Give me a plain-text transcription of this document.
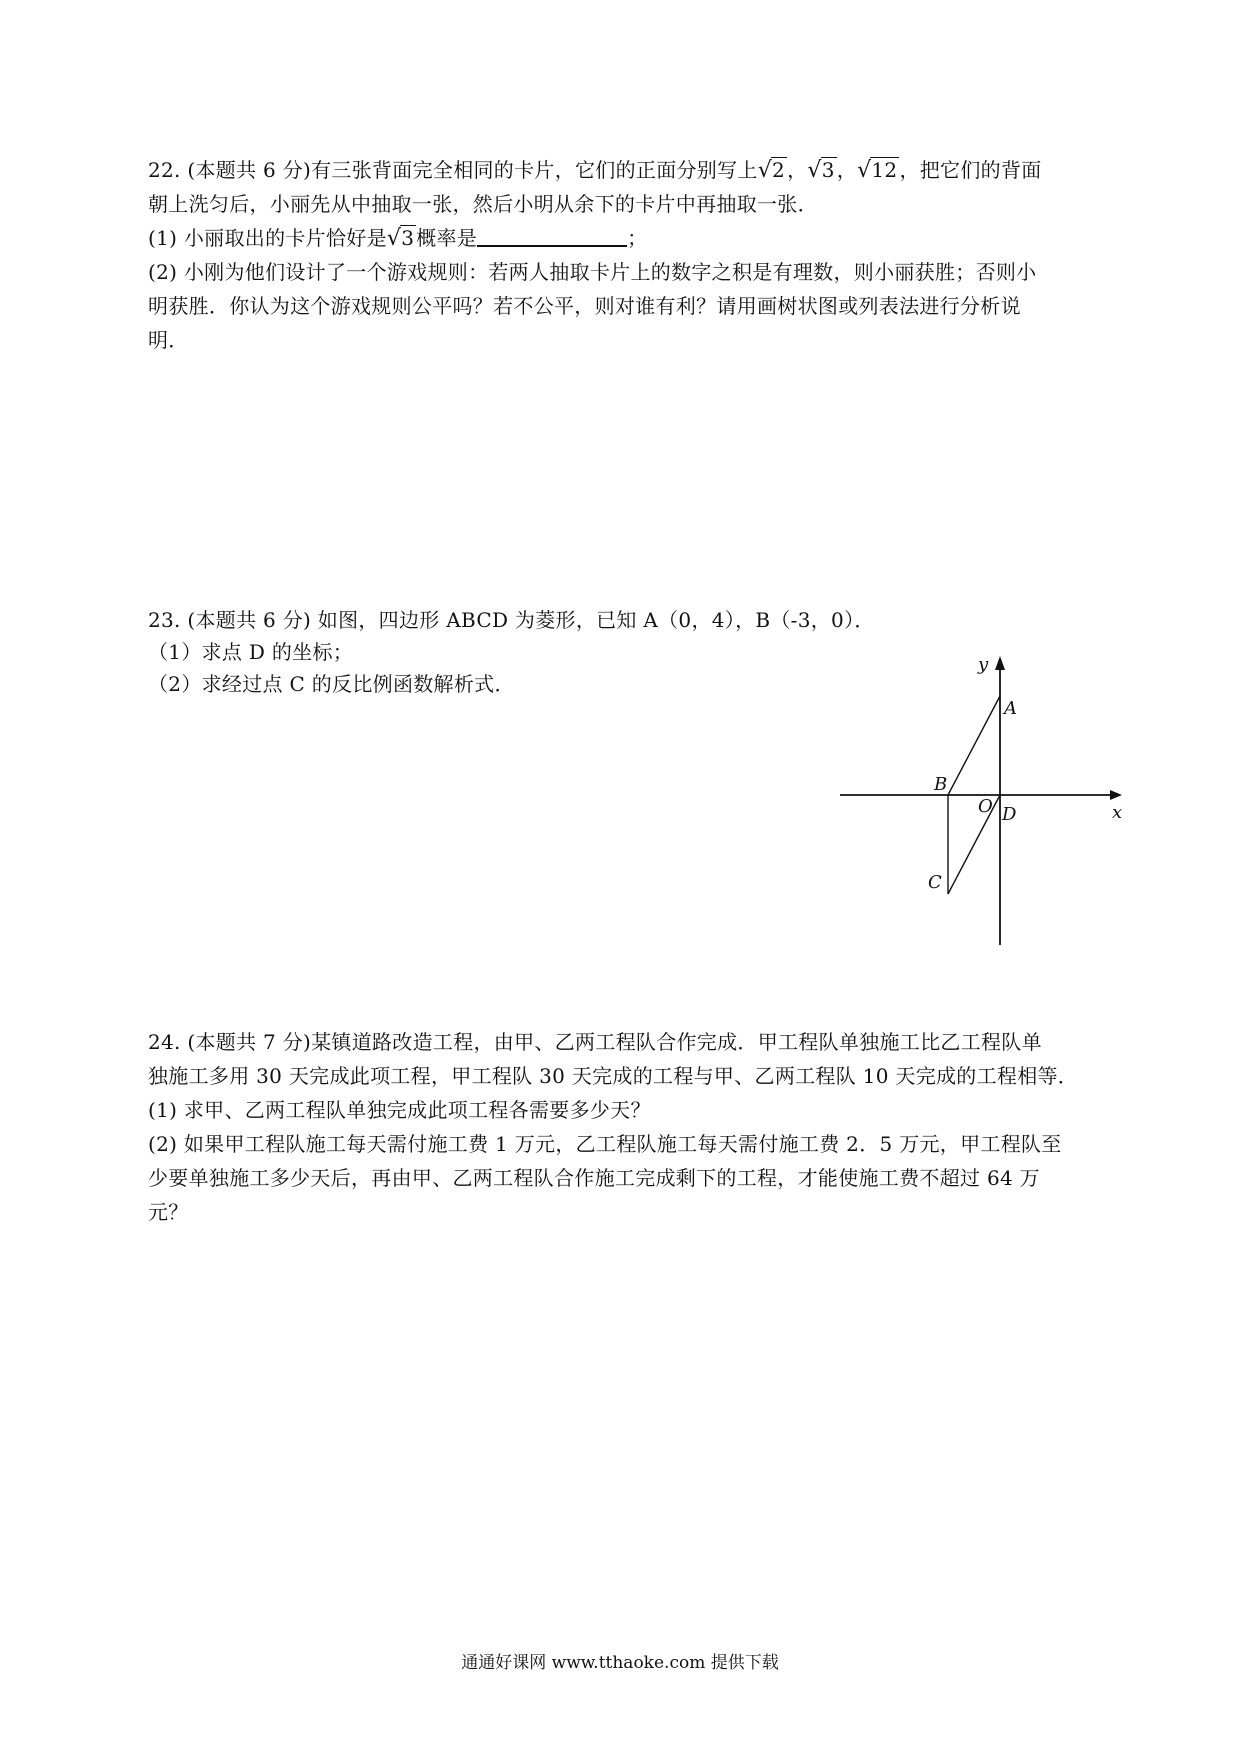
22. (本题共 6 分)有三张背面完全相同的卡片，它们的正面分别写上√2 ，√3 ，√12 ，把它们的背面
朝上洗匀后，小丽先从中抽取一张，然后小明从余下的卡片中再抽取一张．
(1) 小丽取出的卡片恰好是√3 概率是	；
(2) 小刚为他们设计了一个游戏规则：若两人抽取卡片上的数字之积是有理数，则小丽获胜；否则小
明获胜．你认为这个游戏规则公平吗？若不公平，则对谁有利？请用画树状图或列表法进行分析说
明．
23. (本题共 6 分) 如图，四边形 ABCD 为菱形，已知 A（0，4），B（-3，0）．
（1）求点 D 的坐标；
（2）求经过点 C 的反比例函数解析式．
y
x
A
B
O D
C
24. (本题共 7 分)某镇道路改造工程，由甲、乙两工程队合作完成．甲工程队单独施工比乙工程队单
独施工多用 30 天完成此项工程，甲工程队 30 天完成的工程与甲、乙两工程队 10 天完成的工程相等．
(1) 求甲、乙两工程队单独完成此项工程各需要多少天？
(2) 如果甲工程队施工每天需付施工费 1 万元，乙工程队施工每天需付施工费 2．5 万元，甲工程队至
少要单独施工多少天后，再由甲、乙两工程队合作施工完成剩下的工程，才能使施工费不超过 64 万
元？
通通好课网 www.tthaoke.com 提供下载
